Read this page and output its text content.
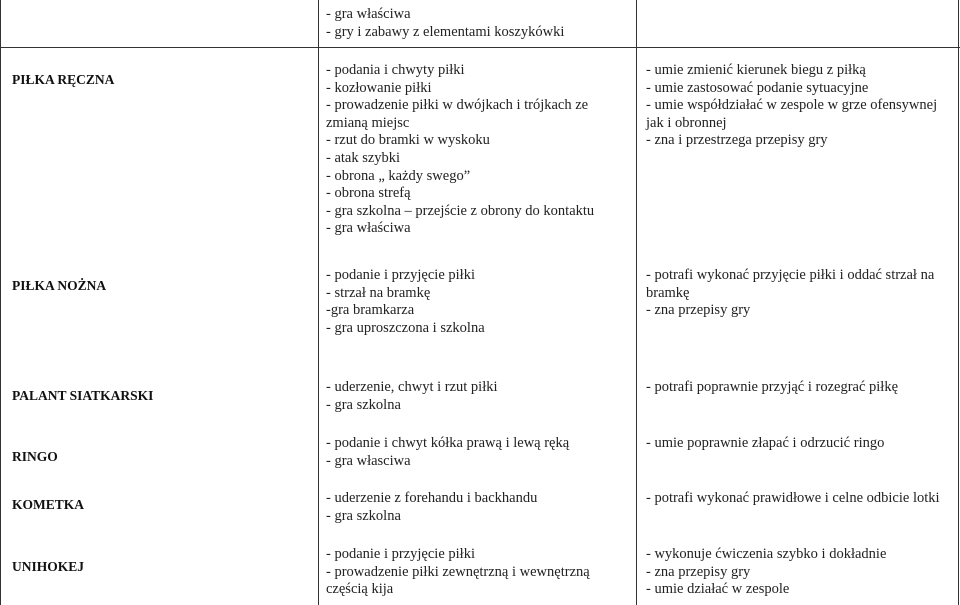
- gra właściwa
- gry i zabawy z elementami koszykówki
PIŁKA RĘCZNA
- podania i chwyty piłki
- kozłowanie piłki
- prowadzenie piłki w dwójkach i trójkach ze zmianą miejsc
- rzut do bramki w wyskoku
- atak szybki
- obrona „ każdy swego”
- obrona strefą
- gra szkolna – przejście z obrony do kontaktu
- gra właściwa
- umie zmienić kierunek biegu z piłką
- umie zastosować podanie sytuacyjne
- umie współdziałać w zespole w grze ofensywnej jak i obronnej
- zna i przestrzega przepisy gry
PIŁKA NOŻNA
- podanie i przyjęcie piłki
- strzał na bramkę
-gra bramkarza
- gra uproszczona i szkolna
- potrafi wykonać przyjęcie piłki i oddać strzał na bramkę
- zna przepisy gry
PALANT SIATKARSKI
- uderzenie, chwyt i rzut piłki
- gra szkolna
- potrafi poprawnie przyjąć i rozegrać piłkę
RINGO
- podanie i chwyt kółka prawą i lewą ręką
- gra własciwa
- umie poprawnie złapać i odrzucić ringo
KOMETKA	- uderzenie z forehandu i backhandu
- gra szkolna
- potrafi wykonać prawidłowe i celne odbicie lotki
UNIHOKEJ
- podanie i przyjęcie piłki
- prowadzenie piłki zewnętrzną i wewnętrzną częścią kija
- wykonuje ćwiczenia szybko i dokładnie
- zna przepisy gry
- umie działać w zespole
